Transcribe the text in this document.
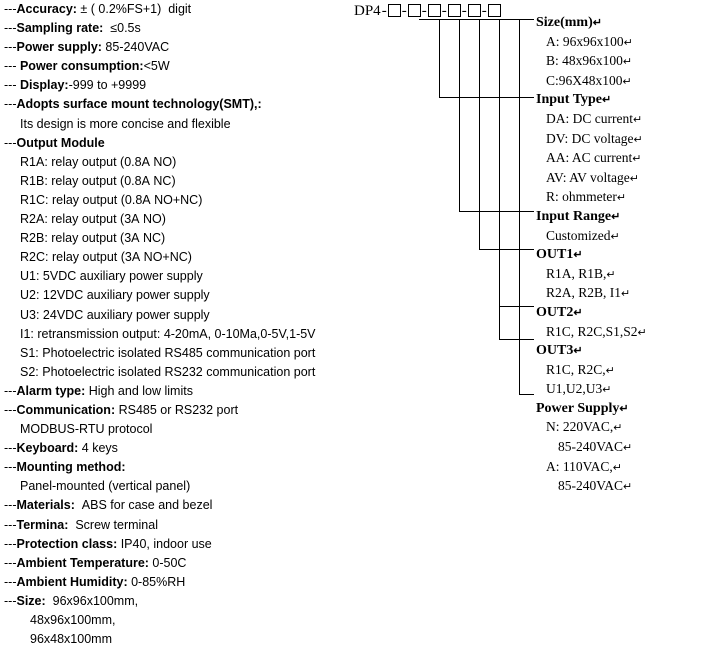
---Accuracy: ± ( 0.2%FS+1)  digit
---Sampling rate:  ≤0.5s
---Power supply: 85-240VAC
--- Power consumption:<5W
--- Display:-999 to +9999
---Adopts surface mount technology(SMT),:
Its design is more concise and flexible
---Output Module
R1A: relay output (0.8A NO)
R1B: relay output (0.8A NC)
R1C: relay output (0.8A NO+NC)
R2A: relay output (3A NO)
R2B: relay output (3A NC)
R2C: relay output (3A NO+NC)
U1: 5VDC auxiliary power supply
U2: 12VDC auxiliary power supply
U3: 24VDC auxiliary power supply
I1: retransmission output: 4-20mA, 0-10Ma,0-5V,1-5V
S1: Photoelectric isolated RS485 communication port
S2: Photoelectric isolated RS232 communication port
---Alarm type: High and low limits
---Communication: RS485 or RS232 port
MODBUS-RTU protocol
---Keyboard: 4 keys
---Mounting method:
Panel-mounted (vertical panel)
---Materials:  ABS for case and bezel
---Termina:  Screw terminal
---Protection class: IP40, indoor use
---Ambient Temperature: 0-50C
---Ambient Humidity: 0-85%RH
---Size:  96x96x100mm,
48x96x100mm,
96x48x100mm
DP4- - - - - -
Size(mm)↵
A: 96x96x100↵
B: 48x96x100↵
C:96X48x100↵
Input Type↵
DA: DC current↵
DV: DC voltage↵
AA: AC current↵
AV: AV voltage↵
R: ohmmeter↵
Input Range↵
Customized↵
OUT1↵
R1A, R1B,↵
R2A, R2B, I1↵
OUT2↵
R1C, R2C,S1,S2↵
OUT3↵
R1C, R2C,↵
U1,U2,U3↵
Power Supply↵
N: 220VAC,↵
85-240VAC↵
A: 110VAC,↵
85-240VAC↵
